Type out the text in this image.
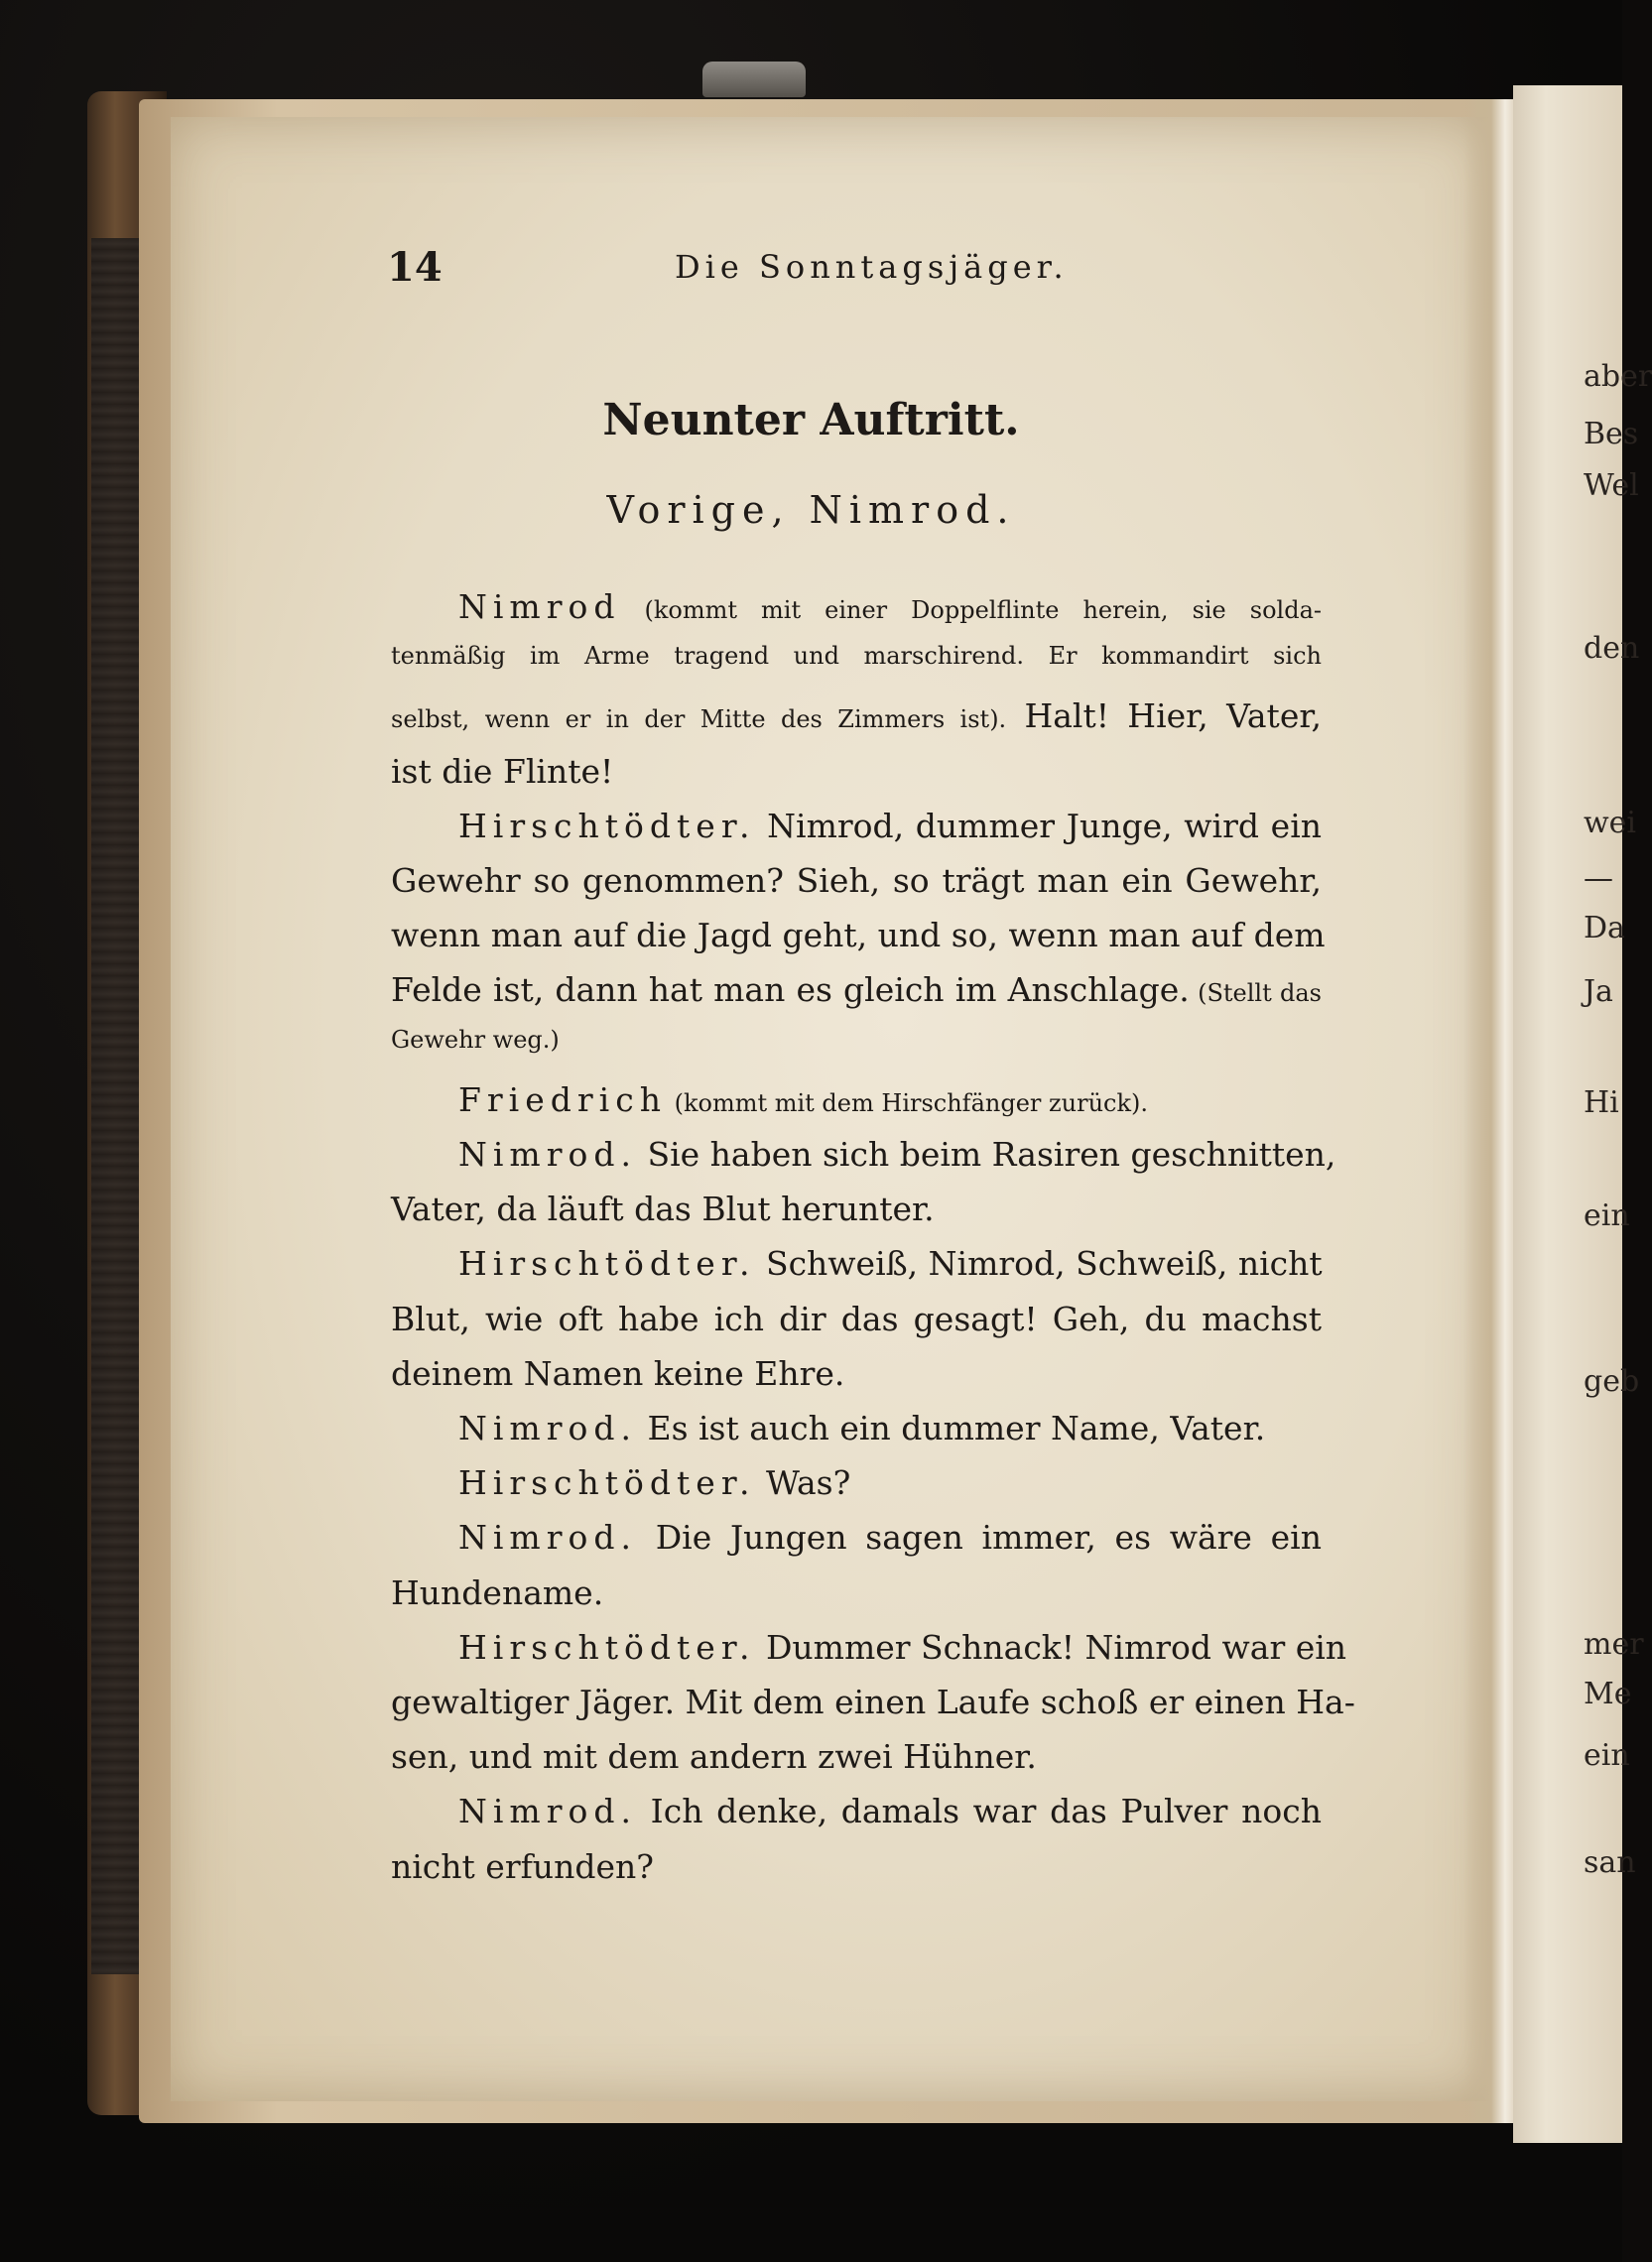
aber
Bes
Wel
den
wei
—
Da
Ja
Hi
ein
geb
mer
Me
ein
san
14	Die Sonntagsjäger.
Neunter Auftritt.
Vorige, Nimrod.
Nimrod (kommt mit einer Doppelflinte herein, sie solda-
tenmäßig im Arme tragend und marschirend. Er kommandirt sich
selbst, wenn er in der Mitte des Zimmers ist). Halt! Hier, Vater,
ist die Flinte!
Hirschtödter. Nimrod, dummer Junge, wird ein
Gewehr so genommen? Sieh, so trägt man ein Gewehr,
wenn man auf die Jagd geht, und so, wenn man auf dem
Felde ist, dann hat man es gleich im Anschlage. (Stellt das
Gewehr weg.)
Friedrich (kommt mit dem Hirschfänger zurück).
Nimrod. Sie haben sich beim Rasiren geschnitten,
Vater, da läuft das Blut herunter.
Hirschtödter. Schweiß, Nimrod, Schweiß, nicht
Blut, wie oft habe ich dir das gesagt! Geh, du machst
deinem Namen keine Ehre.
Nimrod. Es ist auch ein dummer Name, Vater.
Hirschtödter. Was?
Nimrod. Die Jungen sagen immer, es wäre ein
Hundename.
Hirschtödter. Dummer Schnack! Nimrod war ein
gewaltiger Jäger. Mit dem einen Laufe schoß er einen Ha-
sen, und mit dem andern zwei Hühner.
Nimrod. Ich denke, damals war das Pulver noch
nicht erfunden?
